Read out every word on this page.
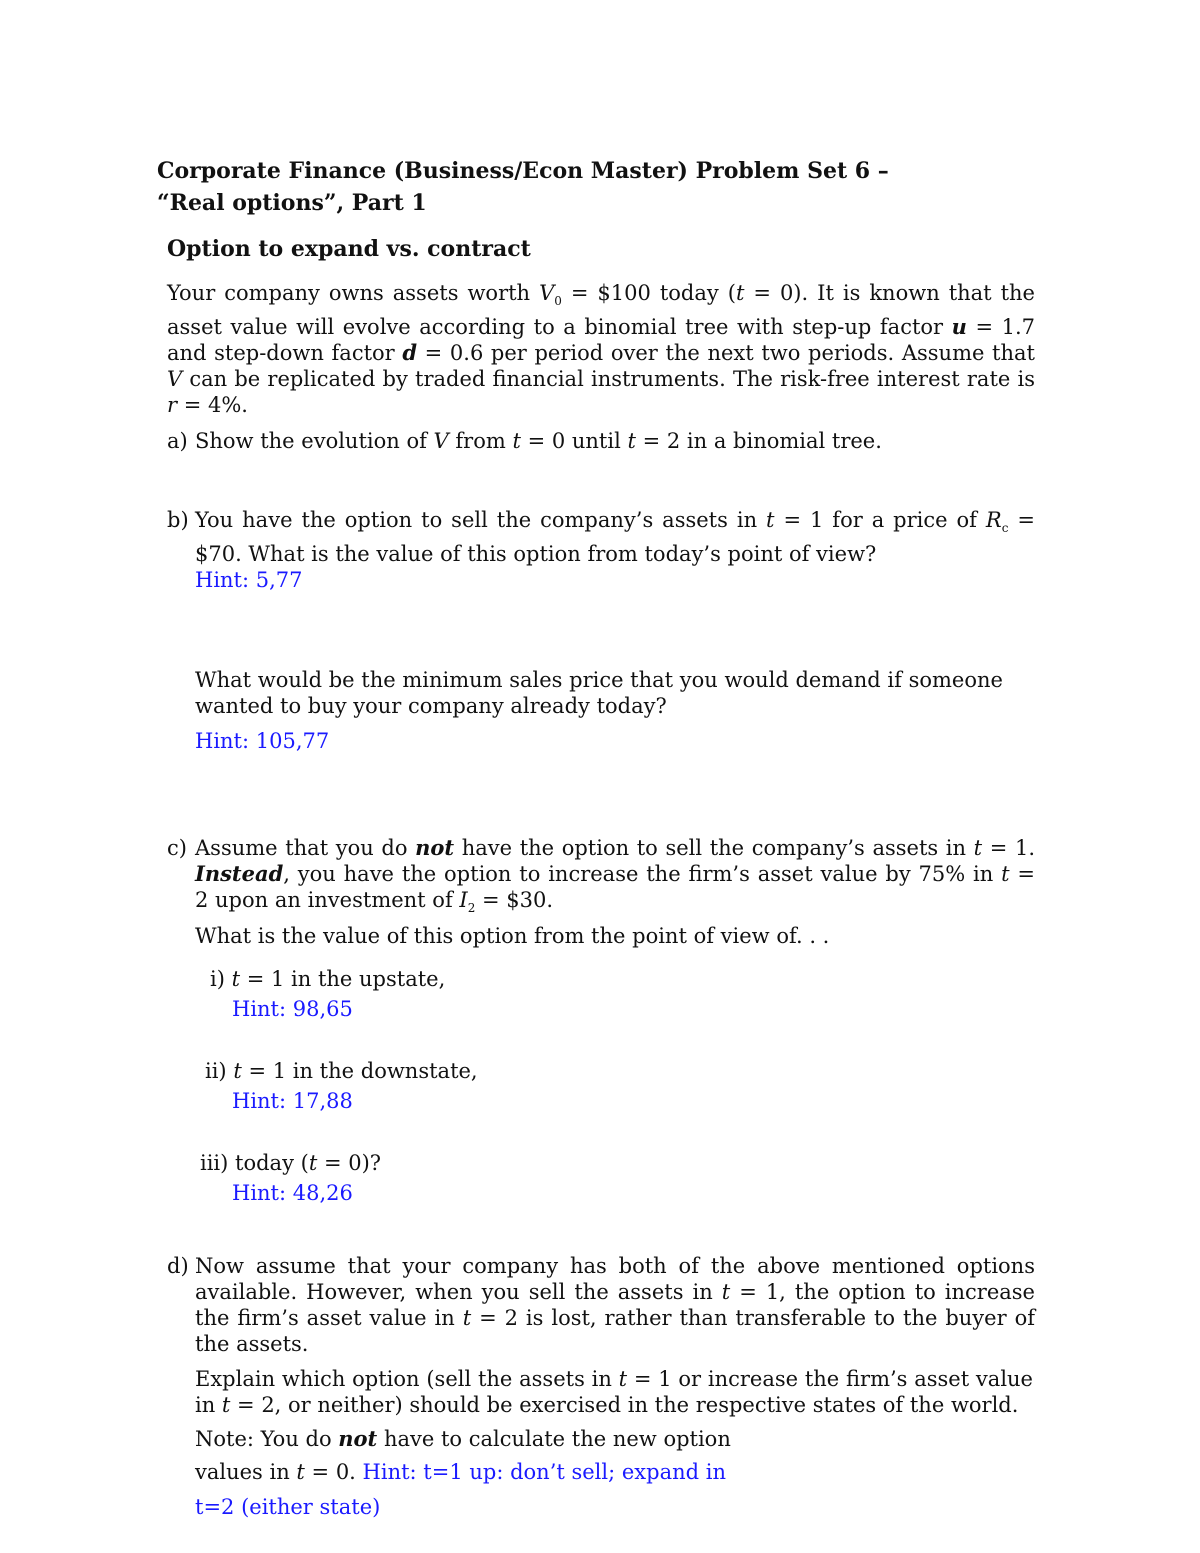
Corporate Finance (Business/Econ Master) Problem Set 6 –
“Real options”, Part 1
Option to expand vs. contract
Your company owns assets worth $V_0$ = $100 today (t = 0). It is known that the asset value will evolve according to a binomial tree with step-up factor u = 1.7 and step-down factor d = 0.6 per period over the next two periods. Assume that V can be replicated by traded financial instruments. The risk-free interest rate is r = 4%.
a) Show the evolution of V from t = 0 until t = 2 in a binomial tree.
b) You have the option to sell the company’s assets in t = 1 for a price of $R_c$ = $70. What is the value of this option from today’s point of view?
Hint: 5,77
What would be the minimum sales price that you would demand if someone wanted to buy your company already today?
Hint: 105,77
c) Assume that you do not have the option to sell the company’s assets in t = 1. Instead, you have the option to increase the firm’s asset value by 75% in t = 2 upon an investment of $I_2$ = $30.
What is the value of this option from the point of view of. . .
i) t = 1 in the upstate,
Hint: 98,65
ii) t = 1 in the downstate,
Hint: 17,88
iii) today (t = 0)?
Hint: 48,26
d) Now assume that your company has both of the above mentioned options available. However, when you sell the assets in t = 1, the option to increase the firm’s asset value in t = 2 is lost, rather than transferable to the buyer of the assets.
Explain which option (sell the assets in t = 1 or increase the firm’s asset value in t = 2, or neither) should be exercised in the respective states of the world.
Note: You do not have to calculate the new option
values in t = 0. Hint: t=1 up: don’t sell; expand in
t=2 (either state)
